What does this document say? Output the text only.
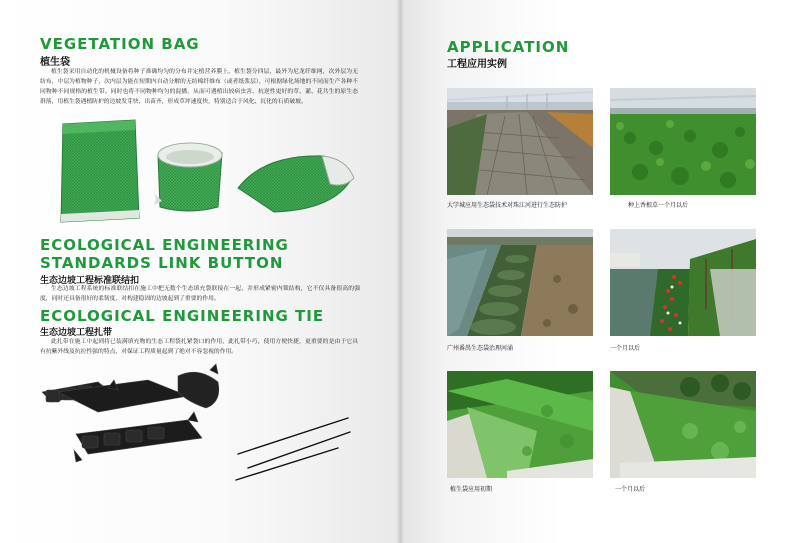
VEGETATION BAG
植生袋

植生袋采用自动化的机械设备将种子准确均匀的分布并定植营养膜上，植生袋分四层，最外为尼龙纤维网，次外层为无纺布，中层为植物种子，次内层为能在短期内自动分解的无纺棉纤维布（或者纸浆层），可根据绿化场地的不同而生产各种不同物种不同规格的植生带。同时也将不同物种均匀的混播，从而可遇植出较病虫害、抗逆性更好的草、灌、花共生的原生态群落，用植生袋遇植防护的边坡发芽快，出苗齐，形成草坪速度快，特别适合于风化、沉化的石质破坡。

ECOLOGICAL ENGINEERING
STANDARDS LINK BUTTON
生态边坡工程标准联结扣

生态边坡工程系统的标准联结扣在施工中把无数个生态填充袋联接在一起，并形成紧密内锁结构，它不仅具备很高的强度，同时还具备很好的柔韧度，对构建稳固的边坡起到了重要的作用。

ECOLOGICAL ENGINEERING TIE
生态边坡工程扎带

此扎带在施工中起到将已装满填充物的生态工程袋扎紧袋口的作用，此扎带小巧，使用方便快捷，更重要的是由于它具有抗紫外线及抗拉性强的特点，对保证工程质量起到了绝对不容忽视的作用。

APPLICATION
工程应用实例
大学城应用生态袋技术对珠江河进行生态防护	种上香根草一个月以后
广州番禺生态袋治理河涌	一个月以后
植生袋应用初期	一个月以后
